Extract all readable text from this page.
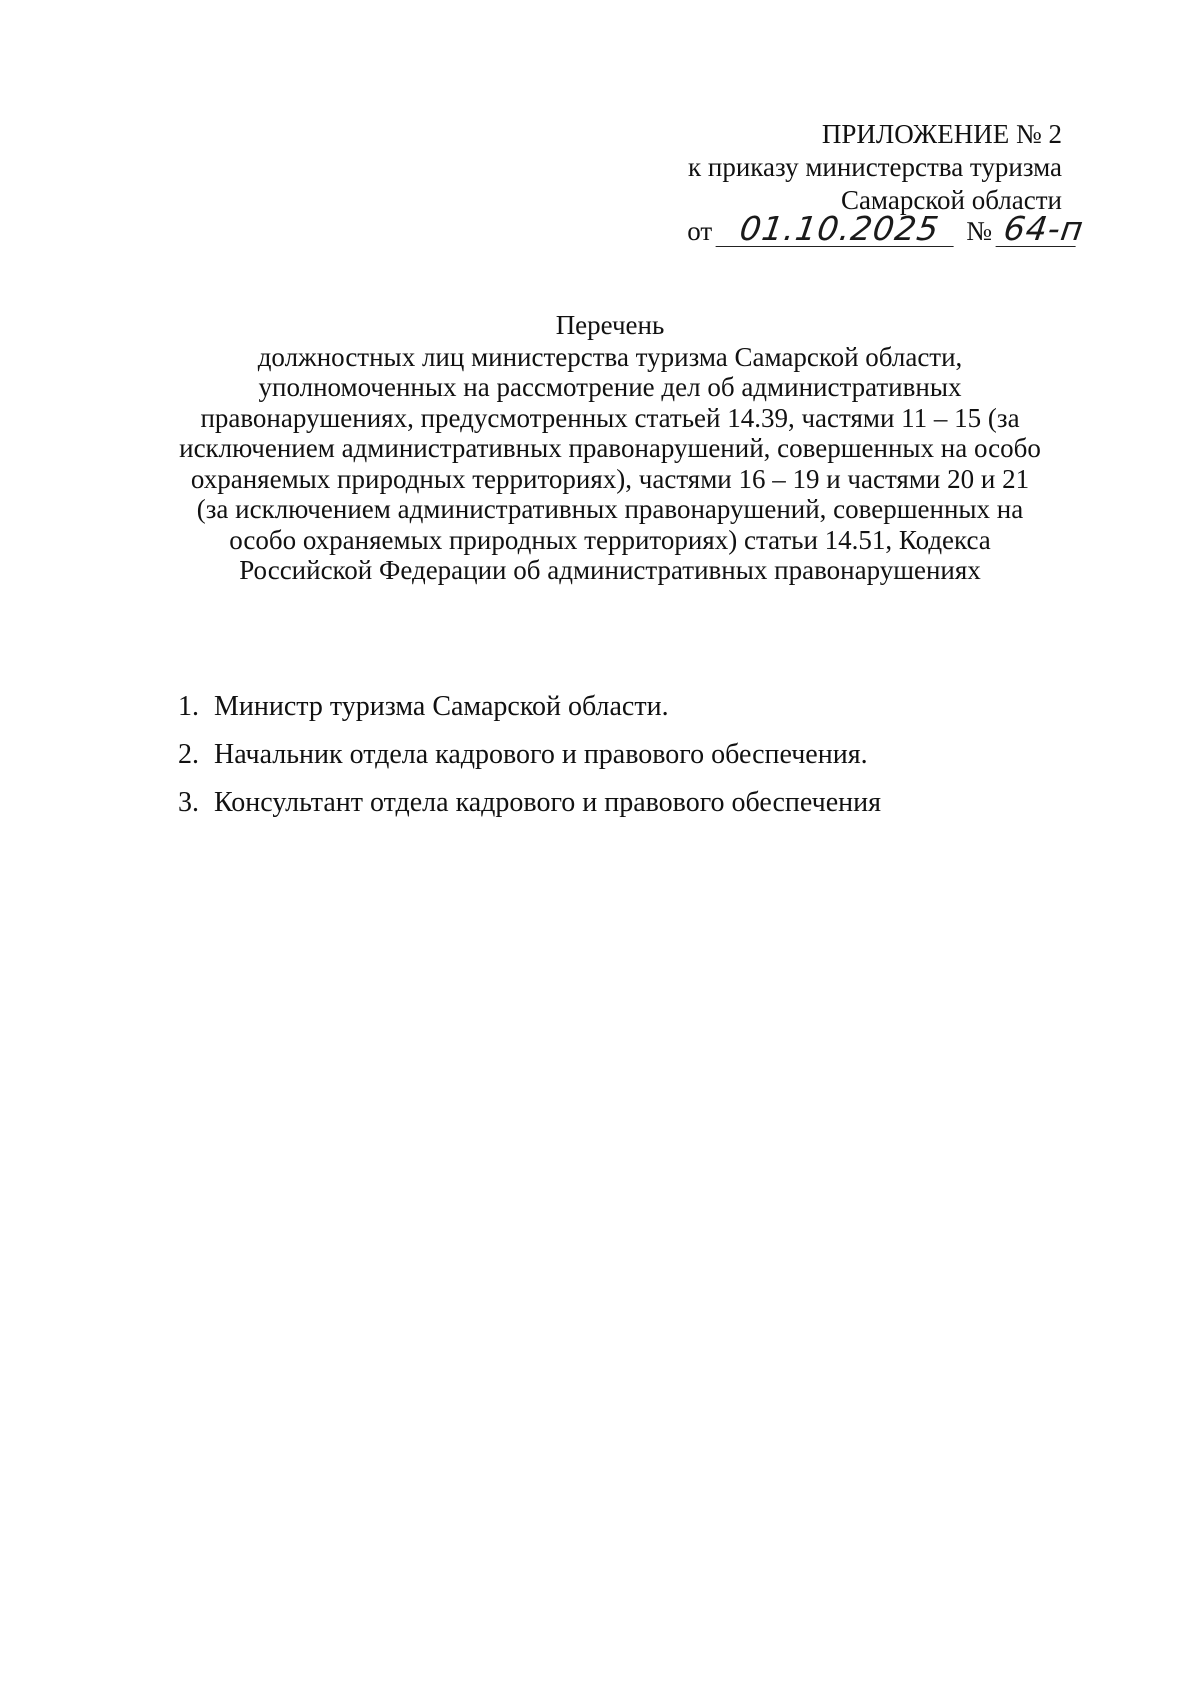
ПРИЛОЖЕНИЕ № 2
к приказу министерства туризма
Самарской области
от 01.10.2025 № 64-п
Перечень
должностных лиц министерства туризма Самарской области,
уполномоченных на рассмотрение дел об административных
правонарушениях, предусмотренных статьей 14.39, частями 11 – 15 (за
исключением административных правонарушений, совершенных на особо
охраняемых природных территориях), частями 16 – 19 и частями 20 и 21
(за исключением административных правонарушений, совершенных на
особо охраняемых природных территориях) статьи 14.51, Кодекса
Российской Федерации об административных правонарушениях
1. Министр туризма Самарской области.
2. Начальник отдела кадрового и правового обеспечения.
3. Консультант отдела кадрового и правового обеспечения
